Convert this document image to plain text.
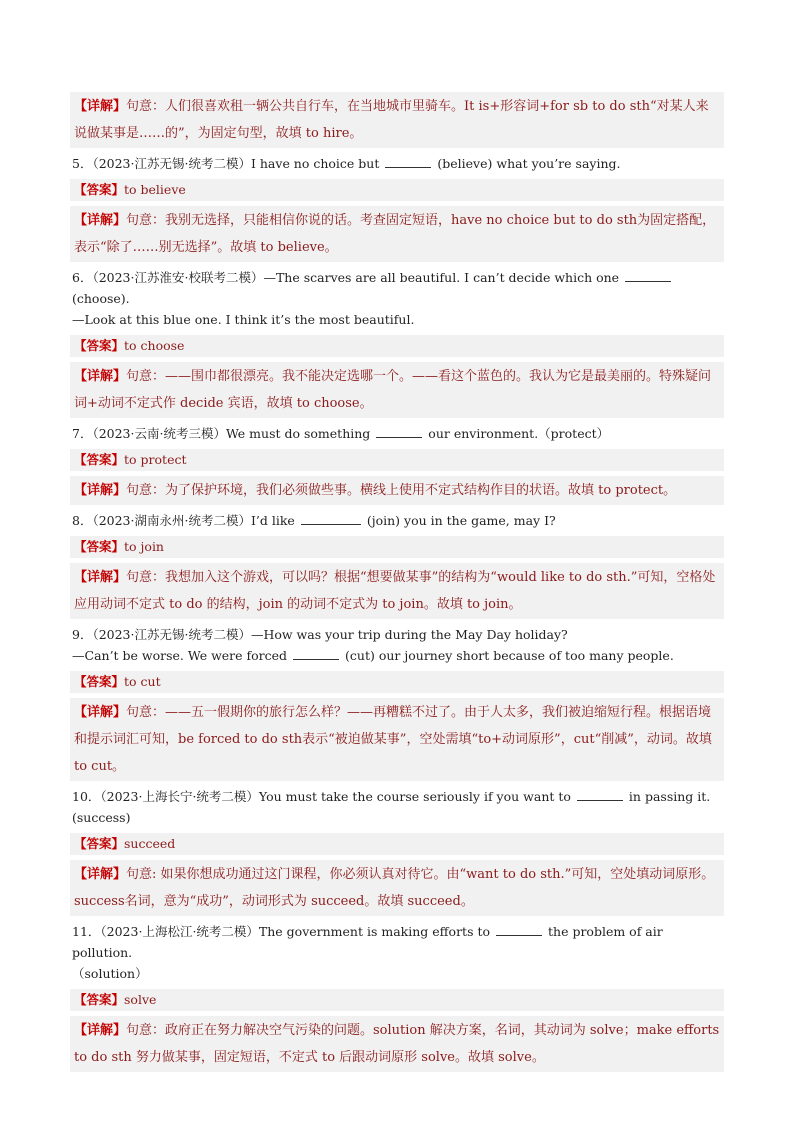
【详解】句意：人们很喜欢租一辆公共自行车，在当地城市里骑车。It is+形容词+for sb to do sth“对某人来说做某事是……的”，为固定句型，故填 to hire。
5．（2023·江苏无锡·统考二模）I have no choice but	(believe) what you’re saying.
【答案】to believe
【详解】句意：我别无选择，只能相信你说的话。考查固定短语，have no choice but to do sth为固定搭配，表示“除了……别无选择”。故填 to believe。
6．（2023·江苏淮安·校联考二模）—The scarves are all beautiful. I can’t decide which one(choose).
—Look at this blue one. I think it’s the most beautiful.
【答案】to choose
【详解】句意：——围巾都很漂亮。我不能决定选哪一个。——看这个蓝色的。我认为它是最美丽的。特殊疑问词+动词不定式作 decide 宾语，故填 to choose。
7．（2023·云南·统考三模）We must do something	our environment.（protect）
【答案】to protect
【详解】句意：为了保护环境，我们必须做些事。横线上使用不定式结构作目的状语。故填 to protect。
8．（2023·湖南永州·统考二模）I’d like	(join) you in the game, may I?
【答案】to join
【详解】句意：我想加入这个游戏，可以吗？根据“想要做某事”的结构为“would like to do sth.”可知，空格处应用动词不定式 to do 的结构，join 的动词不定式为 to join。故填 to join。
9．（2023·江苏无锡·统考二模）—How was your trip during the May Day holiday?
—Can’t be worse. We were forced	(cut) our journey short because of too many people.
【答案】to cut
【详解】句意：——五一假期你的旅行怎么样？——再糟糕不过了。由于人太多，我们被迫缩短行程。根据语境和提示词汇可知，be forced to do sth表示“被迫做某事”，空处需填“to+动词原形”，cut“削减”，动词。故填 to cut。
10．（2023·上海长宁·统考二模）You must take the course seriously if you want to	in passing it.
(success)
【答案】succeed
【详解】句意: 如果你想成功通过这门课程，你必须认真对待它。由“want to do sth.”可知，空处填动词原形。success名词，意为“成功”，动词形式为 succeed。故填 succeed。
11．（2023·上海松江·统考二模）The government is making efforts to	the problem of air pollution.
（solution）
【答案】solve
【详解】句意：政府正在努力解决空气污染的问题。solution 解决方案，名词，其动词为 solve；make efforts to do sth 努力做某事，固定短语，不定式 to 后跟动词原形 solve。故填 solve。
